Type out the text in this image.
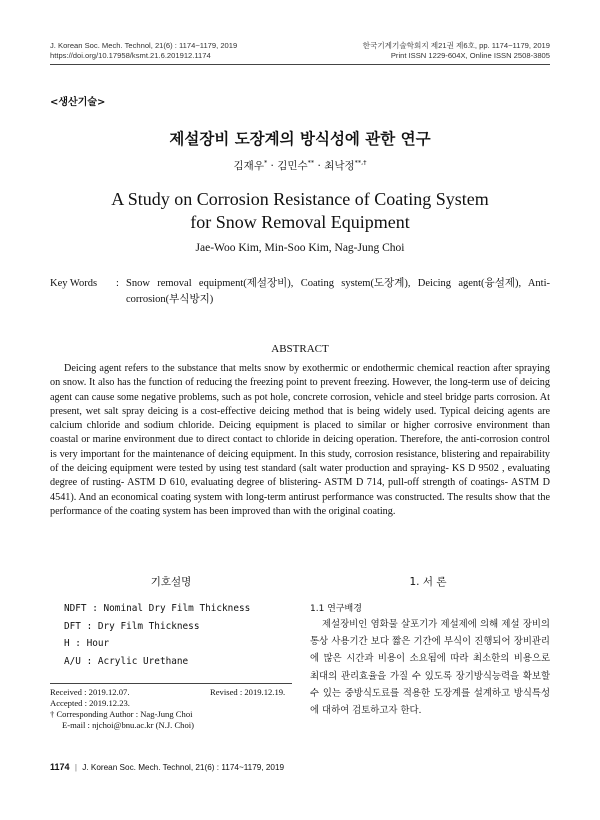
J. Korean Soc. Mech. Technol, 21(6) : 1174~1179, 2019
https://doi.org/10.17958/ksmt.21.6.201912.1174
한국기계기술학회지 제21권 제6호, pp. 1174~1179, 2019
Print ISSN 1229-604X, Online ISSN 2508-3805
<생산기술>
제설장비 도장계의 방식성에 관한 연구
김재우* · 김민수** · 최낙정**,†
A Study on Corrosion Resistance of Coating System
for Snow Removal Equipment
Jae-Woo Kim, Min-Soo Kim, Nag-Jung Choi
Key Words : Snow removal equipment(제설장비), Coating system(도장계), Deicing agent(융설제), Anti-corrosion(부식방지)
ABSTRACT
Deicing agent refers to the substance that melts snow by exothermic or endothermic chemical reaction after spraying on snow. It also has the function of reducing the freezing point to prevent freezing. However, the long-term use of deicing agent can cause some negative problems, such as pot hole, concrete corrosion, vehicle and steel bridge parts corrosion. At present, wet salt spray deicing is a cost-effective deicing method that is being widely used. Typical deicing agents are calcium chloride and sodium chloride. Deicing equipment is placed to similar or higher corrosive environment than coastal or marine environment due to direct contact to chloride in deicing operation. Therefore, the anti-corrosion control is very important for the maintenance of deicing equipment. In this study, corrosion resistance, blistering and repairability of the deicing equipment were tested by using test standard (salt water production and spraying- KS D 9502 , evaluating degree of rusting- ASTM D 610, evaluating degree of blistering- ASTM D 714, pull-off strength of coatings- ASTM D 4541). And an economical coating system with long-term antirust performance was constructed. The results show that the performance of the coating system has been improved than with the original coating.
기호설명
NDFT : Nominal Dry Film Thickness
DFT : Dry Film Thickness
H : Hour
A/U : Acrylic Urethane
1. 서 론
1.1 연구배경
제설장비인 염화물 살포기가 제설제에 의해 제설 장비의 통상 사용기간 보다 짧은 기간에 부식이 진행되어 장비관리에 많은 시간과 비용이 소요됨에 따라 최소한의 비용으로 최대의 관리효율을 가질 수 있도록 장기방식능력을 확보할 수 있는 중방식도료를 적용한 도장계를 설계하고 방식특성에 대하여 검토하고자 한다.
Received : 2019.12.07.	Revised : 2019.12.19.
Accepted : 2019.12.23.
† Corresponding Author : Nag-Jung Choi
E-mail : njchoi@bnu.ac.kr (N.J. Choi)
1174 | J. Korean Soc. Mech. Technol, 21(6) : 1174~1179, 2019
